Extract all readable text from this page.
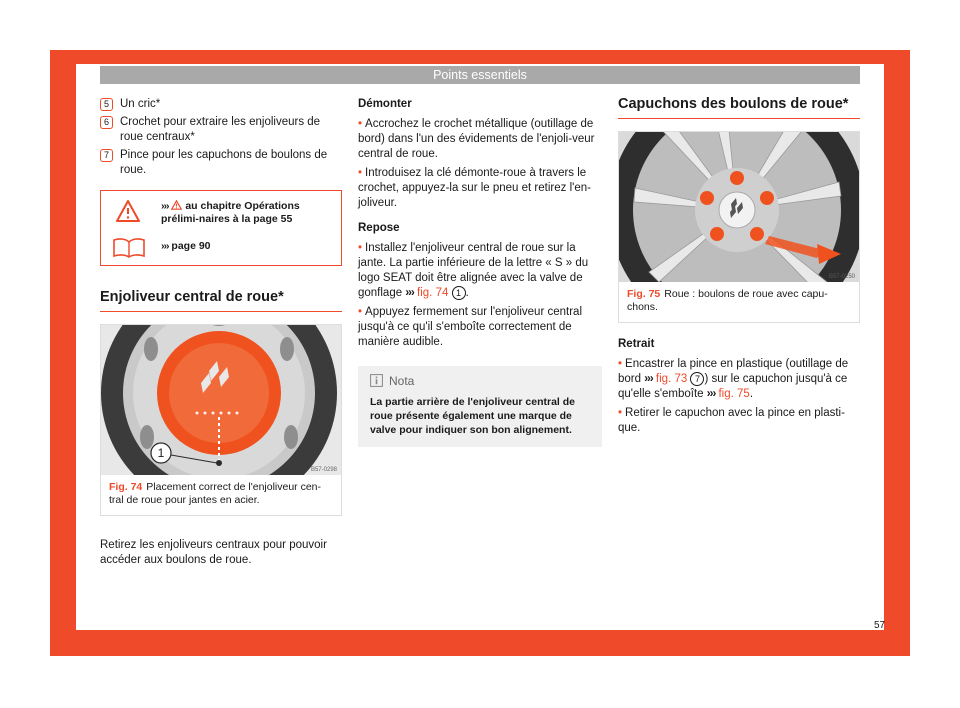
Points essentiels
5 Un cric*
6 Crochet pour extraire les enjoliveurs de roue centraux*
7 Pince pour les capuchons de boulons de roue.
›››  au chapitre Opérations prélimi-naires à la page 55
››› page 90
Enjoliveur central de roue*
1
B57-0298
Fig. 74 Placement correct de l'enjoliveur cen-tral de roue pour jantes en acier.
Retirez les enjoliveurs centraux pour pouvoir accéder aux boulons de roue.
Démonter
• Accrochez le crochet métallique (outillage de bord) dans l'un des évidements de l'enjoli-veur central de roue.
• Introduisez la clé démonte-roue à travers le crochet, appuyez-la sur le pneu et retirez l'en-joliveur.
Repose
• Installez l'enjoliveur central de roue sur la jante. La partie inférieure de la lettre « S » du logo SEAT doit être alignée avec la valve de gonflage ››› fig. 74 1 .
• Appuyez fermement sur l'enjoliveur central jusqu'à ce qu'il s'emboîte correctement de manière audible.
Nota
La partie arrière de l'enjoliveur central de roue présente également une marque de valve pour indiquer son bon alignement.
Capuchons des boulons de roue*
B57-0250
Fig. 75 Roue : boulons de roue avec capu-chons.
Retrait
• Encastrer la pince en plastique (outillage de bord ››› fig. 73 7 ) sur le capuchon jusqu'à ce qu'elle s'emboîte ››› fig. 75.
• Retirer le capuchon avec la pince en plasti-que.
57
